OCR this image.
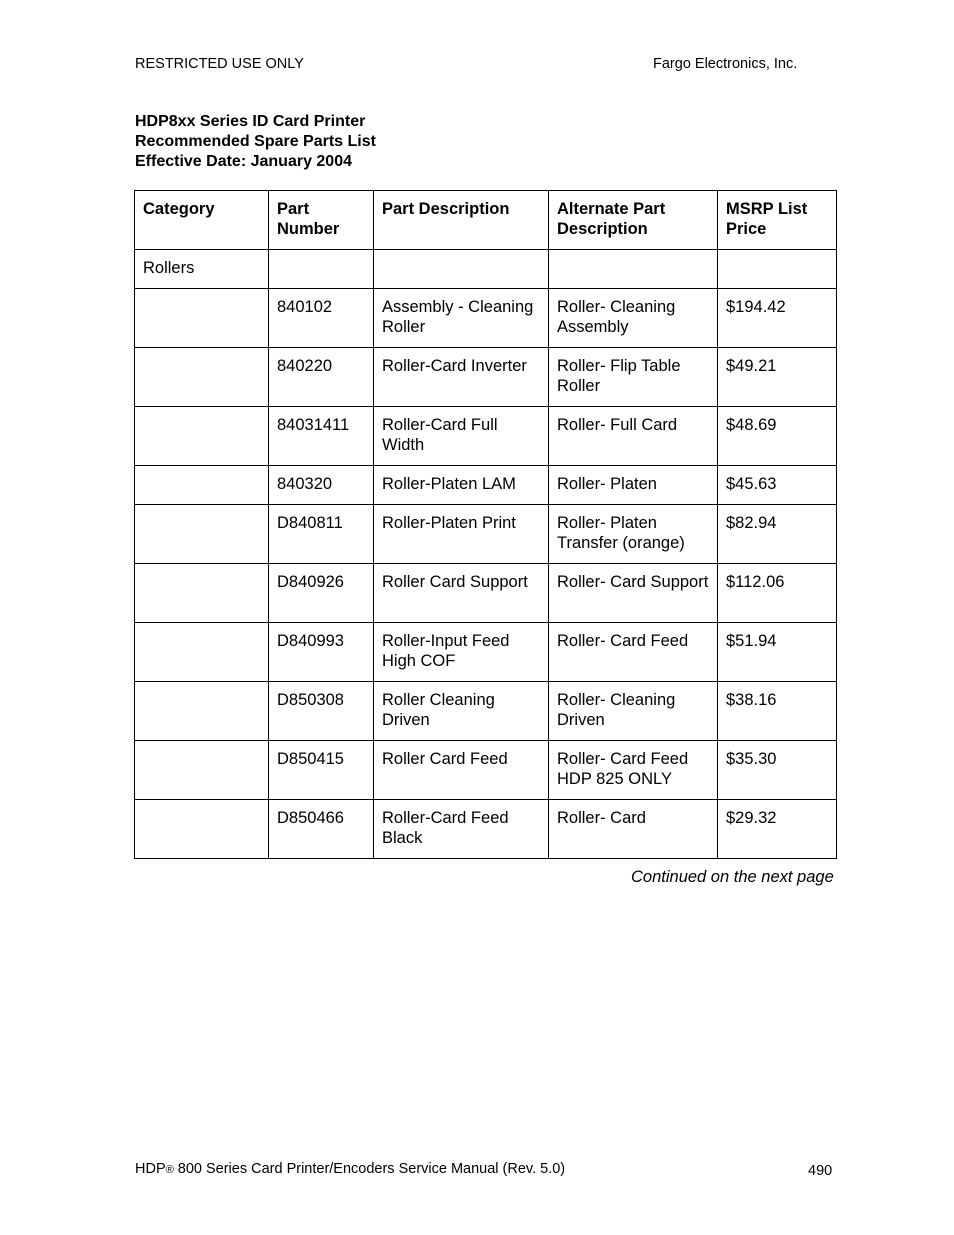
RESTRICTED USE ONLY	Fargo Electronics, Inc.
HDP8xx Series ID Card Printer
Recommended Spare Parts List
Effective Date: January 2004
Category	Part Number	Part Description	Alternate Part Description	MSRP List Price
Rollers				
	840102	Assembly - Cleaning Roller	Roller- Cleaning Assembly	$194.42
	840220	Roller-Card Inverter	Roller- Flip Table Roller	$49.21
	84031411	Roller-Card Full Width	Roller- Full Card	$48.69
	840320	Roller-Platen LAM	Roller- Platen	$45.63
	D840811	Roller-Platen Print	Roller- Platen Transfer (orange)	$82.94
	D840926	Roller Card Support	Roller- Card Support	$112.06
	D840993	Roller-Input Feed High COF	Roller- Card Feed	$51.94
	D850308	Roller Cleaning Driven	Roller- Cleaning Driven	$38.16
	D850415	Roller Card Feed	Roller- Card Feed HDP 825 ONLY	$35.30
	D850466	Roller-Card Feed Black	Roller- Card	$29.32
Continued on the next page
HDP® 800 Series Card Printer/Encoders Service Manual (Rev. 5.0)	490
